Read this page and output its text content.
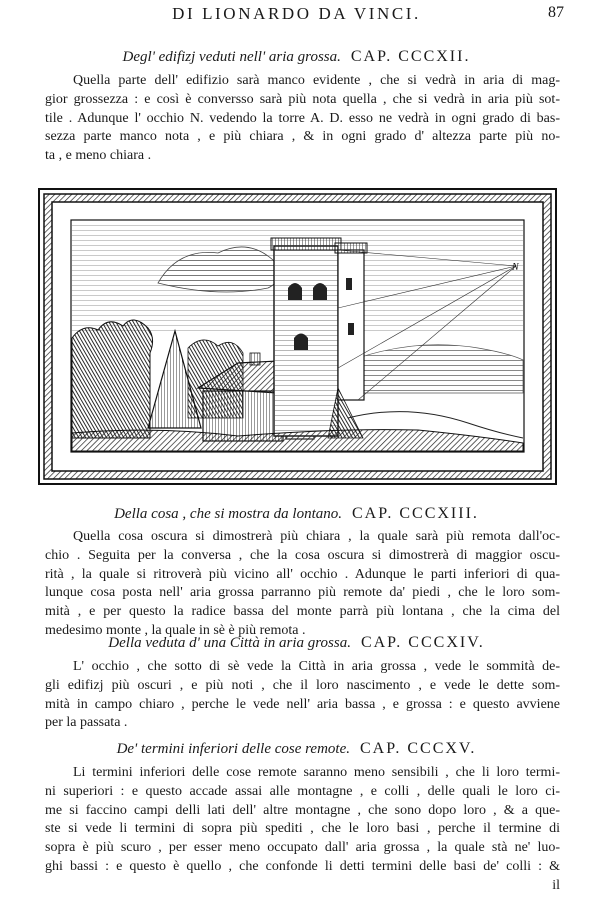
DI LIONARDO DA VINCI.	87
Degl' edifizj veduti nell' aria grossa. CAP. CCCXII.
Quella parte dell' edifizio sarà manco evidente , che si vedrà in aria di mag-
gior grossezza : e così è conversso sarà più nota quella , che si vedrà in aria più sot-
tile . Adunque l' occhio N. vedendo la torre A. D. esso ne vedrà in ogni grado di bas-
sezza parte manco nota , e più chiara , & in ogni grado d' altezza parte più no-
ta , e meno chiara .
N
Della cosa , che si mostra da lontano. CAP. CCCXIII.
Quella cosa oscura si dimostrerà più chiara , la quale sarà più remota dall'oc-
chio . Seguita per la conversa , che la cosa oscura si dimostrerà di maggior oscu-
rità , la quale si ritroverà più vicino all' occhio . Adunque le parti inferiori di qua-
lunque cosa posta nell' aria grossa parranno più remote da' piedi , che le loro som-
mità , e per questo la radice bassa del monte parrà più lontana , che la cima del
medesimo monte , la quale in sè è più remota .
Della veduta d' una Città in aria grossa. CAP. CCCXIV.
L' occhio , che sotto di sè vede la Città in aria grossa , vede le sommità de-
gli edifizj più oscuri , e più noti , che il loro nascimento , e vede le dette som-
mità in campo chiaro , perche le vede nell' aria bassa , e grossa : e questo avviene
per la passata .
De' termini inferiori delle cose remote. CAP. CCCXV.
Li termini inferiori delle cose remote saranno meno sensibili , che li loro termi-
ni superiori : e questo accade assai alle montagne , e colli , delle quali le loro ci-
me si faccino campi delli lati dell' altre montagne , che sono dopo loro , & a que-
ste si vede li termini di sopra più spediti , che le loro basi , perche il termine di
sopra è più scuro , per esser meno occupato dall' aria grossa , la quale stà ne' luo-
ghi bassi : e questo è quello , che confonde li detti termini delle basi de' colli : &
il
